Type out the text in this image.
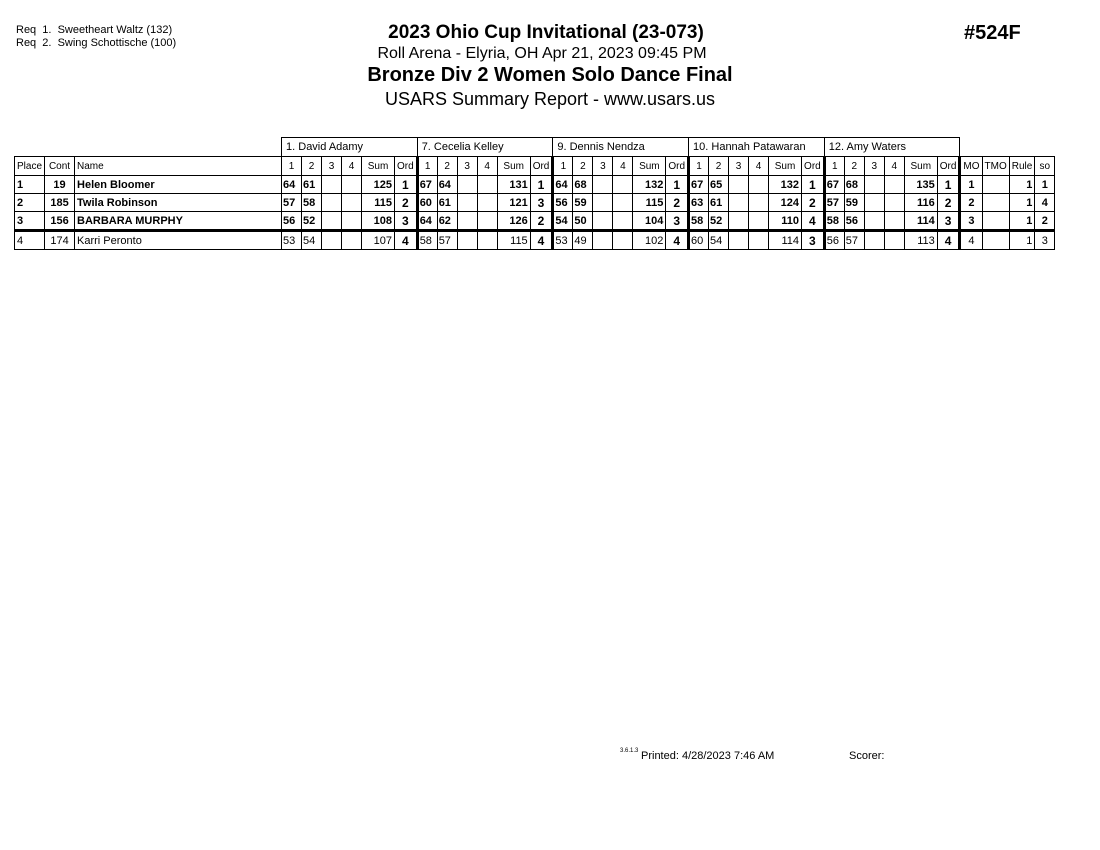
Req  1.  Sweetheart Waltz (132)
Req  2.  Swing Schottische (100)	2023 Ohio Cup Invitational (23-073)
Roll Arena - Elyria, OH Apr 21, 2023 09:45 PM
Bronze Div 2 Women Solo Dance Final
USARS Summary Report - www.usars.us
#524F
			1. David Adamy						7. Cecelia Kelley						9. Dennis Nendza						10. Hannah Patawaran						12. Amy Waters									
Place	Cont	Name	1	2	3	4	Sum	Ord	1	2	3	4	Sum	Ord	1	2	3	4	Sum	Ord	1	2	3	4	Sum	Ord	1	2	3	4	Sum	Ord	MO	TMO	Rule	so
1	19	Helen Bloomer	64	61			125	1	67	64			131	1	64	68			132	1	67	65			132	1	67	68			135	1	1		1	1
2	185	Twila Robinson	57	58			115	2	60	61			121	3	56	59			115	2	63	61			124	2	57	59			116	2	2		1	4
3	156	BARBARA MURPHY	56	52			108	3	64	62			126	2	54	50			104	3	58	52			110	4	58	56			114	3	3		1	2
4	174	Karri Peronto	53	54			107	4	58	57			115	4	53	49			102	4	60	54			114	3	56	57			113	4	4		1	3
3.6.1.3 Printed: 4/28/2023 7:46 AM	Scorer:
